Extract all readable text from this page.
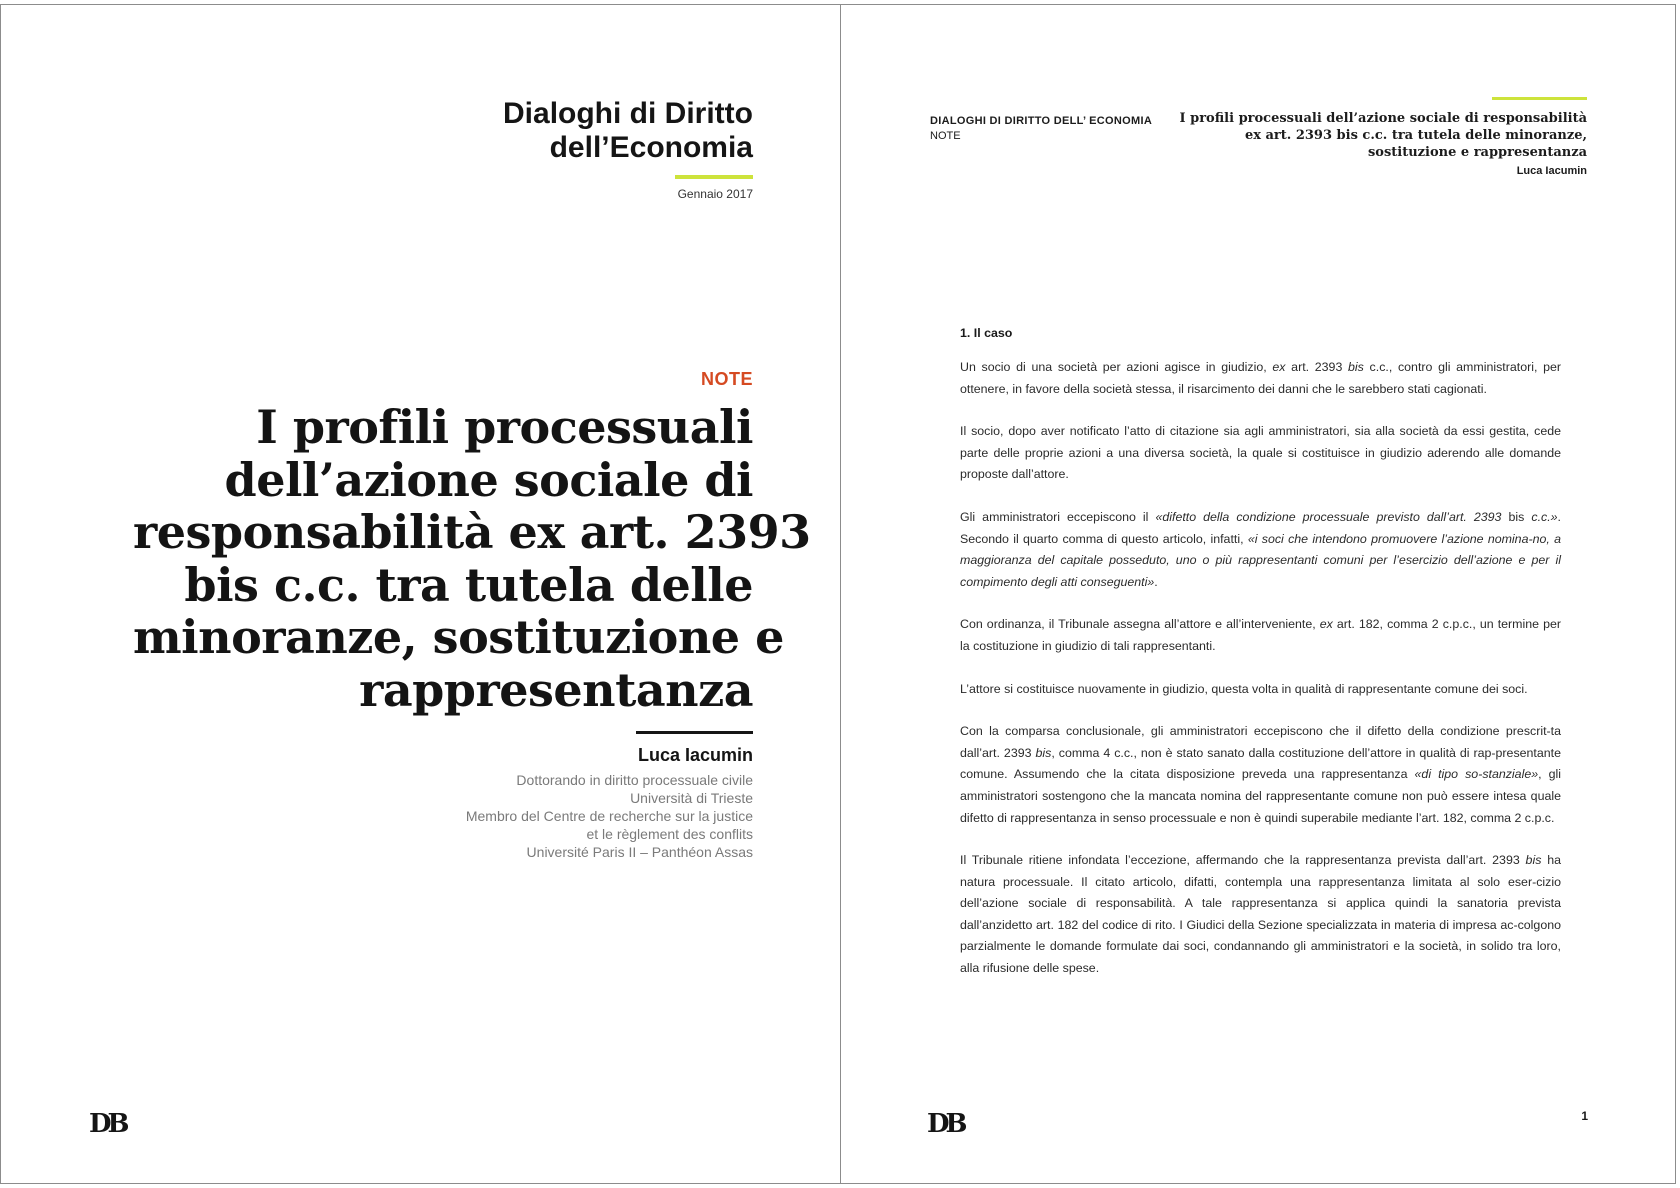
Dialoghi di Diritto
dell’Economia
Gennaio 2017
NOTE
I profili processuali
dell’azione sociale di
responsabilità ex art. 2393
bis c.c. tra tutela delle
minoranze, sostituzione e
rappresentanza
Luca Iacumin
Dottorando in diritto processuale civile
Università di Trieste
Membro del Centre de recherche sur la justice
et le règlement des conflits
Université Paris II – Panthéon Assas
DB
DIALOGHI DI DIRITTO DELL’ ECONOMIA
NOTE
I profili processuali dell’azione sociale di responsabilità
ex art. 2393 bis c.c. tra tutela delle minoranze,
sostituzione e rappresentanza
Luca Iacumin
1. Il caso

Un socio di una società per azioni agisce in giudizio, ex art. 2393 bis c.c., contro gli amministratori, per ottenere, in favore della società stessa, il risarcimento dei danni che le sarebbero stati cagionati.

Il socio, dopo aver notificato l’atto di citazione sia agli amministratori, sia alla società da essi gestita, cede parte delle proprie azioni a una diversa società, la quale si costituisce in giudizio aderendo alle domande proposte dall’attore.

Gli amministratori eccepiscono il «difetto della condizione processuale previsto dall’art. 2393 bis c.c.». Secondo il quarto comma di questo articolo, infatti, «i soci che intendono promuovere l’azione nomina-no, a maggioranza del capitale posseduto, uno o più rappresentanti comuni per l’esercizio dell’azione e per il compimento degli atti conseguenti».

Con ordinanza, il Tribunale assegna all’attore e all’interveniente, ex art. 182, comma 2 c.p.c., un termine per la costituzione in giudizio di tali rappresentanti.

L’attore si costituisce nuovamente in giudizio, questa volta in qualità di rappresentante comune dei soci.

Con la comparsa conclusionale, gli amministratori eccepiscono che il difetto della condizione prescrit-ta dall’art. 2393 bis, comma 4 c.c., non è stato sanato dalla costituzione dell’attore in qualità di rap-presentante comune. Assumendo che la citata disposizione preveda una rappresentanza «di tipo so-stanziale», gli amministratori sostengono che la mancata nomina del rappresentante comune non può essere intesa quale difetto di rappresentanza in senso processuale e non è quindi superabile mediante l’art. 182, comma 2 c.p.c.

Il Tribunale ritiene infondata l’eccezione, affermando che la rappresentanza prevista dall’art. 2393 bis ha natura processuale. Il citato articolo, difatti, contempla una rappresentanza limitata al solo eser-cizio dell’azione sociale di responsabilità. A tale rappresentanza si applica quindi la sanatoria prevista dall’anzidetto art. 182 del codice di rito. I Giudici della Sezione specializzata in materia di impresa ac-colgono parzialmente le domande formulate dai soci, condannando gli amministratori e la società, in solido tra loro, alla rifusione delle spese.

DB	1
